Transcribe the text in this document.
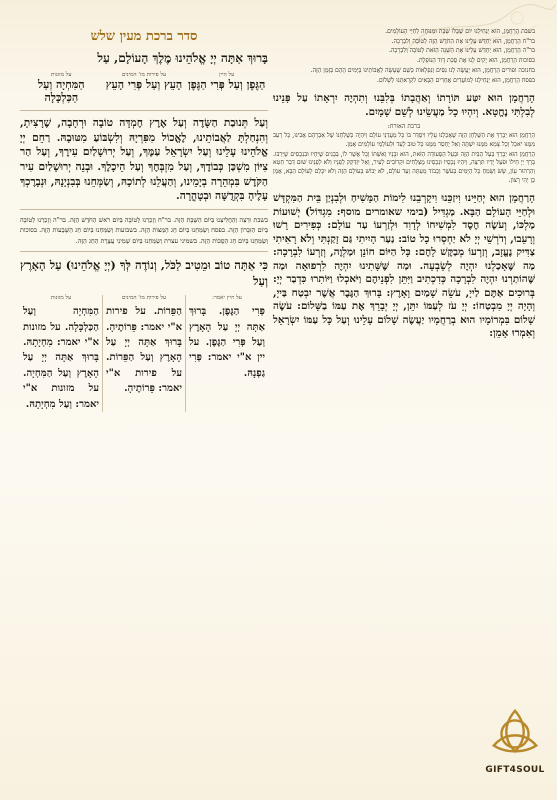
בשבת הָרַחֲמָן, הוּא יַנְחִילֵנוּ יוֹם שֶׁכֻּלּוֹ שַׁבָּת וּמְנוּחָה לְחַיֵּי הָעוֹלָמִים.

בר"ח הָרַחֲמָן, הוּא יְחַדֵּשׁ עָלֵינוּ אֶת הַחֹדֶשׁ הַזֶּה לְטוֹבָה וְלִבְרָכָה.

בר"ה הָרַחֲמָן, הוּא יְחַדֵּשׁ עָלֵינוּ אֶת הַשָּׁנָה הַזֹּאת לְטוֹבָה וְלִבְרָכָה.

בסוכות הָרַחֲמָן, הוּא יָקִים לָנוּ אֶת סֻכַּת דָּוִד הַנּוֹפָלֶת.

בחנוכה ופורים הָרַחֲמָן, הוּא יַעֲשֶׂה לָנוּ נִסִּים וְנִפְלָאוֹת כְּשֵׁם שֶׁעָשָׂה לַאֲבוֹתֵינוּ בַּיָּמִים הָהֵם בַּזְּמַן הַזֶּה.

בפסח הָרַחֲמָן, הוּא יַנְחִילֵנוּ לְמוֹעֲדִים אֲחֵרִים הַבָּאִים לִקְרָאתֵנוּ לְשָׁלוֹם.

הָרַחֲמָן הוּא יִטַּע תּוֹרָתוֹ וְאַהֲבָתוֹ בְּלִבֵּנוּ וְתִהְיֶה יִרְאָתוֹ עַל פָּנֵינוּ לְבִלְתִּי נֶחֱטָא. וְיִהְיוּ כָל מַעֲשֵׂינוּ לְשֵׁם שָׁמָיִם.

ברכת האורח:

הָרַחֲמָן הוּא יְבָרֵךְ אֶת הַשֻּׁלְחָן הַזֶּה שֶׁאָכַלְנוּ עָלָיו וִיסַדֵּר בּוֹ כָּל מַעֲדַנֵּי עוֹלָם וְיִהְיֶה כְּשֻׁלְחָנוֹ שֶׁל אַבְרָהָם אָבִינוּ, כָּל רָעֵב מִמֶּנּוּ יֹאכַל וְכָל צָמֵא מִמֶּנּוּ יִשְׁתֶּה וְאַל יֶחְסַר מִמֶּנּוּ כָּל טוּב לָעַד וּלְעוֹלְמֵי עוֹלָמִים אָמֵן.

הָרַחֲמָן הוּא יְבָרֵךְ בַּעַל הַבַּיִת הַזֶּה וּבַעַל הַסְּעוּדָה הַזֹּאת, הוּא וּבָנָיו וְאִשְׁתּוֹ וְכָל אֲשֶׁר לוֹ, בְּבָנִים שֶׁיִּחְיוּ וּבִנְכָסִים שֶׁיִּרְבּוּ. בָּרֵךְ יְיָ חֵילוֹ וּפֹעַל יָדָיו תִּרְצֶה, וְיִהְיוּ נְכָסָיו וּנְכָסֵינוּ מֻצְלָחִים וּקְרוֹבִים לָעִיר, וְאַל יִזְדַּקֵּק לְפָנָיו וְלֹא לְפָנֵינוּ שׁוּם דְּבַר חֵטְא וְהִרְהוּר עָוֹן, שָׂשׂ וְשָׂמֵחַ כָּל הַיָּמִים בְּעֹשֶׁר וְכָבוֹד מֵעַתָּה וְעַד עוֹלָם, לֹא יֵבוֹשׁ בָּעוֹלָם הַזֶּה וְלֹא יִכָּלֵם לָעוֹלָם הַבָּא, אָמֵן כֵּן יְהִי רָצוֹן.

הָרַחֲמָן הוּא יְחַיֵּינוּ וִיזַכֵּנוּ וִיקָרְבֵנוּ לִימוֹת הַמָּשִׁיחַ וּלְבִנְיַן בֵּית הַמִּקְדָּשׁ וּלְחַיֵּי הָעוֹלָם הַבָּא. מַגְדִּיל (בימי שאומרים מוסף: מִגְדּוֹל) יְשׁוּעוֹת מַלְכּוֹ, וְעֹשֶׂה חֶסֶד לִמְשִׁיחוֹ לְדָוִד וּלְזַרְעוֹ עַד עוֹלָם: כְּפִירִים רָשׁוּ וְרָעֵבוּ, וְדֹרְשֵׁי יְיָ לֹא יַחְסְרוּ כָל טוֹב: נַעַר הָיִיתִי גַּם זָקַנְתִּי וְלֹא רָאִיתִי צַדִּיק נֶעֱזָב, וְזַרְעוֹ מְבַקֶּשׁ לָחֶם: כָּל הַיּוֹם חוֹנֵן וּמַלְוֶה, וְזַרְעוֹ לִבְרָכָה: מַה שֶּׁאָכַלְנוּ יִהְיֶה לְשָׂבְעָה. וּמַה שֶּׁשָּׁתִינוּ יִהְיֶה לִרְפוּאָה וּמַה שֶּׁהוֹתַרְנוּ יִהְיֶה לִבְרָכָה כְּדִכְתִיב וַיִּתֵּן לִפְנֵיהֶם וַיֹּאכְלוּ וַיּוֹתִרוּ כִּדְבַר יְיָ: בְּרוּכִים אַתֶּם לַייָ, עֹשֵׂה שָׁמַיִם וָאָרֶץ: בָּרוּךְ הַגֶּבֶר אֲשֶׁר יִבְטַח בַּייָ, וְהָיָה יְיָ מִבְטַחוֹ: יְיָ עֹז לְעַמּוֹ יִתֵּן, יְיָ יְבָרֵךְ אֶת עַמּוֹ בַשָּׁלוֹם: עֹשֶׂה שָׁלוֹם בִּמְרוֹמָיו הוּא בְרַחֲמָיו יַעֲשֶׂה שָׁלוֹם עָלֵינוּ וְעַל כָּל עַמּוֹ יִשְׂרָאֵל וְאִמְרוּ אָמֵן:

סדר ברכת מעין שלש

בָּרוּךְ אַתָּה יְיָ אֱלֹהֵינוּ מֶלֶךְ הָעוֹלָם, עַל

על היין
הַגֶּפֶן וְעַל פְּרִי הַגֶּפֶן
על פירות מז' המינים
הָעֵץ וְעַל פְּרִי הָעֵץ
על מזונות
הַמִּחְיָה וְעַל הַכַּלְכָּלָה

וְעַל תְּנוּבַת הַשָּׂדֶה וְעַל אֶרֶץ חֶמְדָּה טוֹבָה וּרְחָבָה, שֶׁרָצִיתָ, וְהִנְחַלְתָּ לַאֲבוֹתֵינוּ, לֶאֱכוֹל מִפִּרְיָהּ וְלִשְׂבּוֹעַ מִטּוּבָהּ. רַחֵם יְיָ אֱלֹהֵינוּ עָלֵינוּ וְעַל יִשְׂרָאֵל עַמֶּךָ, וְעַל יְרוּשָׁלַיִם עִירֶךָ, וְעַל הַר צִיּוֹן מִשְׁכַּן כְּבוֹדֶךָ, וְעַל מִזְבְּחֶךָ וְעַל הֵיכָלֶךָ. וּבְנֵה יְרוּשָׁלַיִם עִיר הַקֹּדֶשׁ בִּמְהֵרָה בְיָמֵינוּ, וְהַעֲלֵנוּ לְתוֹכָהּ, וְשַׂמְּחֵנוּ בְּבִנְיָנָהּ, וּנְבָרֶכְךָ עָלֶיהָ בִּקְדֻשָּׁה וּבְטָהֳרָה.

בשבת וּרְצֵה וְהַחֲלִיצֵנוּ בְּיוֹם הַשַּׁבָּת הַזֶּה. בר"ח וְזָכְרֵנוּ לְטוֹבָה בְּיוֹם רֹאשׁ הַחֹדֶשׁ הַזֶּה. בר"ה וְזָכְרֵנוּ לְטוֹבָה בְּיוֹם הַזִּכָּרוֹן הַזֶּה. בפסח וְשַׂמְּחֵנוּ בְּיוֹם חַג הַמַּצּוֹת הַזֶּה. בשבועות וְשַׂמְּחֵנוּ בְּיוֹם חַג הַשָּׁבֻעוֹת הַזֶּה. בסוכות וְשַׂמְּחֵנוּ בְּיוֹם חַג הַסֻּכּוֹת הַזֶּה. בשמיני עצרת וְשַׂמְּחֵנוּ בְּיוֹם שְׁמִינִי עֲצֶרֶת הַחַג הַזֶּה.

כִּי אַתָּה טוֹב וּמֵטִיב לַכֹּל, וְנוֹדֶה לְּךָ (יְיָ אֱלֹהֵינוּ) עַל הָאָרֶץ וְעַל

על היין יאמר:
פְּרִי הַגֶּפֶן. בָּרוּךְ אַתָּה יְיָ עַל הָאָרֶץ וְעַל פְּרִי הַגֶּפֶן. על יין א"י יאמר: פְּרִי גַפְנָהּ.
על פירות מז' המינים
הַפֵּרוֹת. על פירות א"י יאמר: פֵּרוֹתֶיהָ. בָּרוּךְ אַתָּה יְיָ עַל הָאָרֶץ וְעַל הַפֵּרוֹת. על פירות א"י יאמר: פֵּרוֹתֶיהָ.
על מזונות
הַמִּחְיָה וְעַל הַכַּלְכָּלָה. על מזונות א"י יאמר: מִחְיָתָהּ. בָּרוּךְ אַתָּה יְיָ עַל הָאָרֶץ וְעַל הַמִּחְיָה. על מזונות א"י יאמר: וְעַל מִחְיָתָהּ.
GIFT4SOUL
